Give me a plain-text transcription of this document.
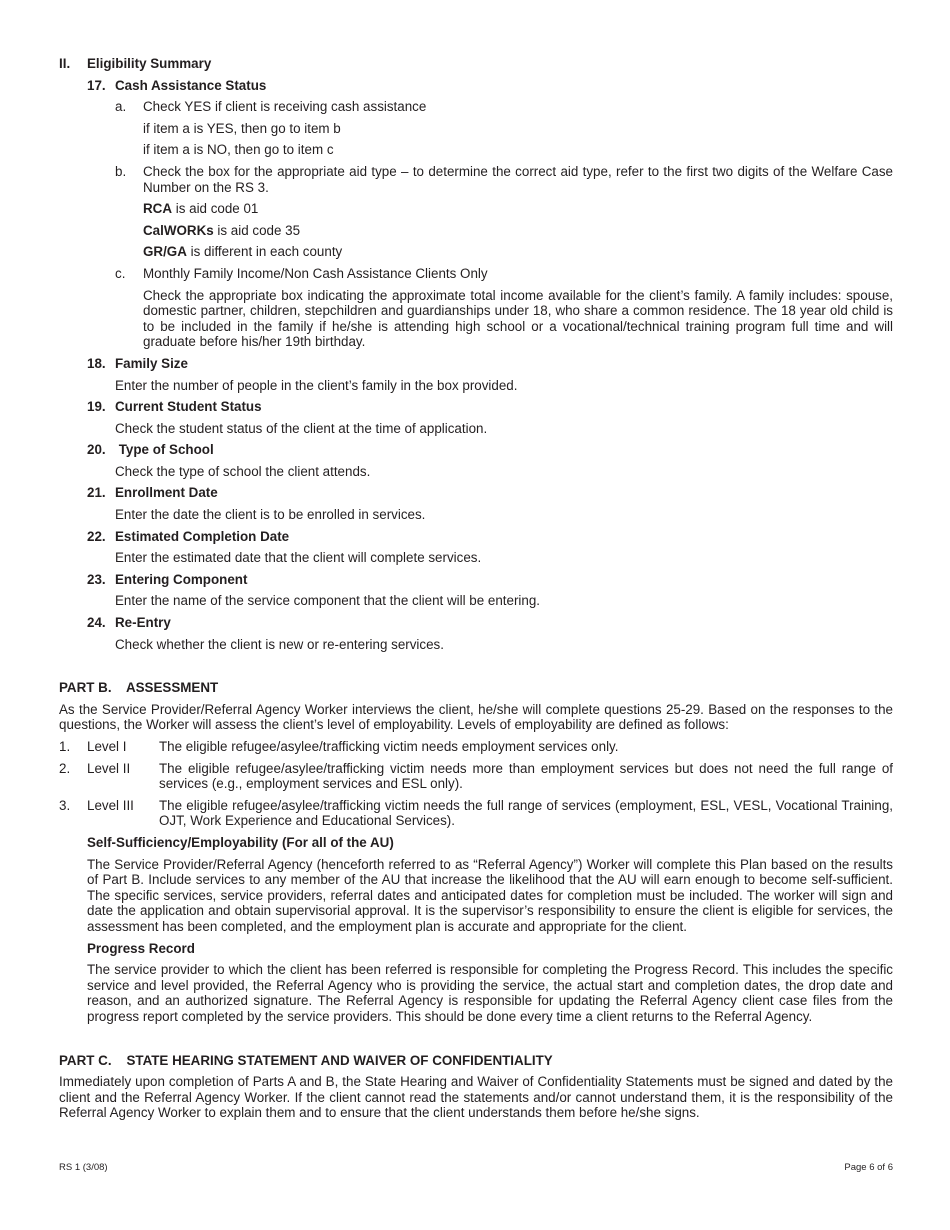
II.	Eligibility Summary
17. Cash Assistance Status
a.	Check YES if client is receiving cash assistance

if item a is YES, then go to item b

if item a is NO, then go to item c

b.	Check the box for the appropriate aid type – to determine the correct aid type, refer to the first two digits of the Welfare Case Number on the RS 3.

RCA is aid code 01

CalWORKs is aid code 35

GR/GA is different in each county

c.	Monthly Family Income/Non Cash Assistance Clients Only

Check the appropriate box indicating the approximate total income available for the client’s family. A family includes: spouse, domestic partner, children, stepchildren and guardianships under 18, who share a common residence. The 18 year old child is to be included in the family if he/she is attending high school or a vocational/technical training program full time and will graduate before his/her 19th birthday.

18. Family Size

Enter the number of people in the client’s family in the box provided.

19. Current Student Status

Check the student status of the client at the time of application.

20. Type of School

Check the type of school the client attends.

21. Enrollment Date

Enter the date the client is to be enrolled in services.

22. Estimated Completion Date

Enter the estimated date that the client will complete services.

23. Entering Component

Enter the name of the service component that the client will be entering.

24. Re-Entry

Check whether the client is new or re-entering services.

PART B.    ASSESSMENT

As the Service Provider/Referral Agency Worker interviews the client, he/she will complete questions 25-29. Based on the responses to the questions, the Worker will assess the client’s level of employability. Levels of employability are defined as follows:

1.	Level I	The eligible refugee/asylee/trafficking victim needs employment services only.
2.	Level II	The eligible refugee/asylee/trafficking victim needs more than employment services but does not need the full range of services (e.g., employment services and ESL only).
3.	Level III	The eligible refugee/asylee/trafficking victim needs the full range of services (employment, ESL, VESL, Vocational Training, OJT, Work Experience and Educational Services).

Self-Sufficiency/Employability (For all of the AU)

The Service Provider/Referral Agency (henceforth referred to as “Referral Agency”) Worker will complete this Plan based on the results of Part B. Include services to any member of the AU that increase the likelihood that the AU will earn enough to become self-sufficient. The specific services, service providers, referral dates and anticipated dates for completion must be included. The worker will sign and date the application and obtain supervisorial approval. It is the supervisor’s responsibility to ensure the client is eligible for services, the assessment has been completed, and the employment plan is accurate and appropriate for the client.

Progress Record

The service provider to which the client has been referred is responsible for completing the Progress Record. This includes the specific service and level provided, the Referral Agency who is providing the service, the actual start and completion dates, the drop date and reason, and an authorized signature. The Referral Agency is responsible for updating the Referral Agency client case files from the progress report completed by the service providers. This should be done every time a client returns to the Referral Agency.

PART C.    STATE HEARING STATEMENT AND WAIVER OF CONFIDENTIALITY

Immediately upon completion of Parts A and B, the State Hearing and Waiver of Confidentiality Statements must be signed and dated by the client and the Referral Agency Worker. If the client cannot read the statements and/or cannot understand them, it is the responsibility of the Referral Agency Worker to explain them and to ensure that the client understands them before he/she signs.

RS 1 (3/08)	Page 6 of 6
